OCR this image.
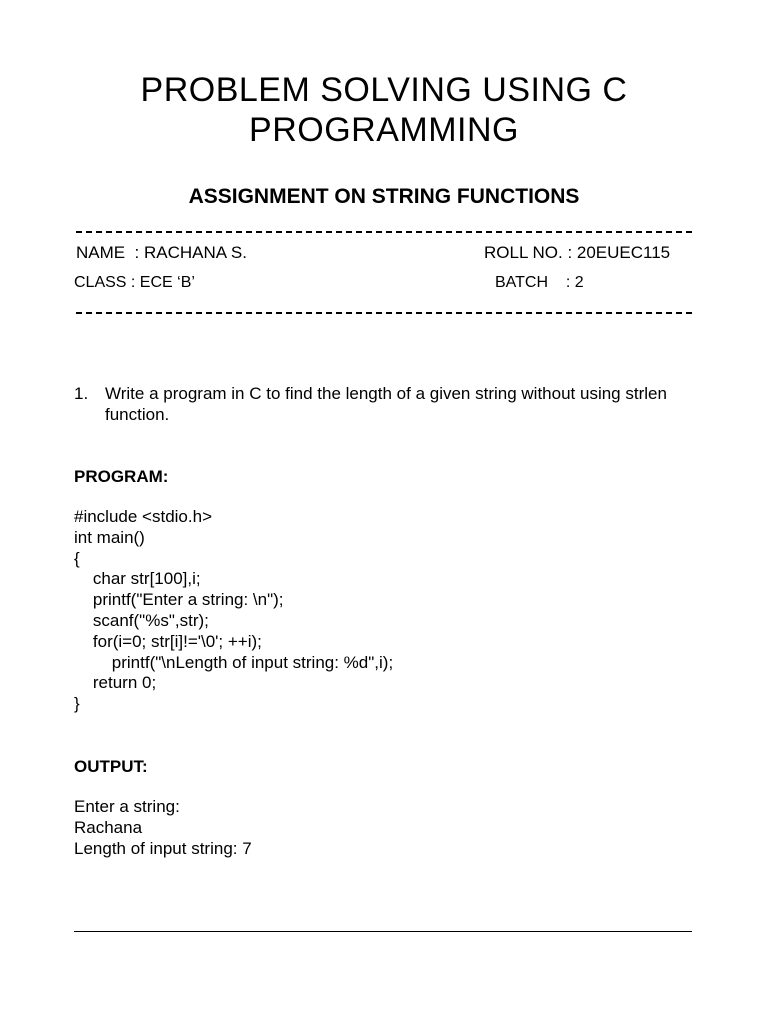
PROBLEM SOLVING USING C
PROGRAMMING
ASSIGNMENT ON STRING FUNCTIONS
NAME  : RACHANA S.	ROLL NO. : 20EUEC115
CLASS : ECE ‘B’	BATCH    : 2
1. Write a program in C to find the length of a given string without using strlen function.
PROGRAM:
#include <stdio.h>
int main()
{
char str[100],i;
printf("Enter a string: \n");
scanf("%s",str);
for(i=0; str[i]!='\0'; ++i);
printf("\nLength of input string: %d",i);
return 0;
}
OUTPUT:
Enter a string:
Rachana
Length of input string: 7
